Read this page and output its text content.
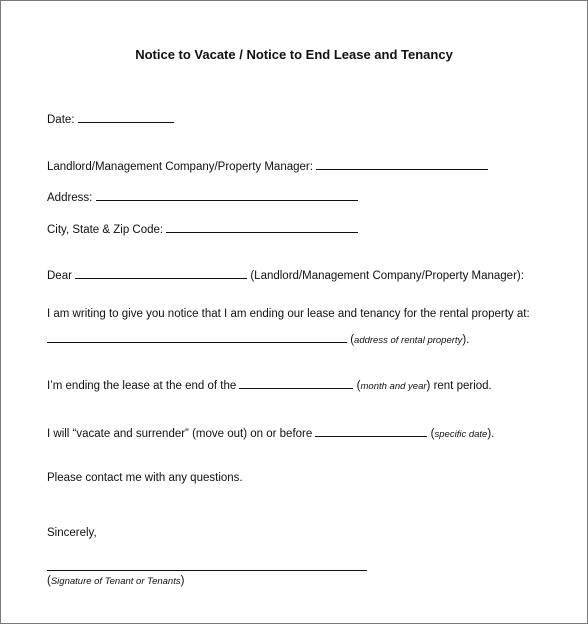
Notice to Vacate / Notice to End Lease and Tenancy
Date:
Landlord/Management Company/Property Manager:
Address:
City, State & Zip Code:
Dear	(Landlord/Management Company/Property Manager):
I am writing to give you notice that I am ending our lease and tenancy for the rental property at:
(address of rental property).
I’m ending the lease at the end of the	(month and year) rent period.
I will “vacate and surrender” (move out) on or before	(specific date).
Please contact me with any questions.
Sincerely,
(Signature of Tenant or Tenants)
